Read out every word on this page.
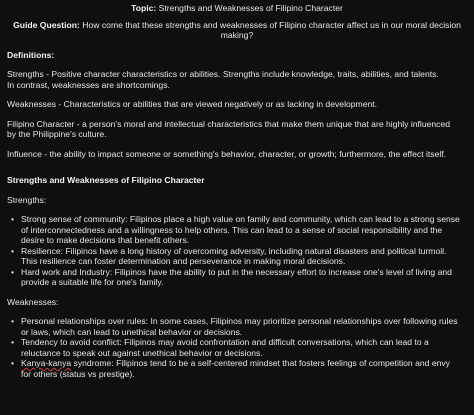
Topic: Strengths and Weaknesses of Filipino Character
Guide Question: How come that these strengths and weaknesses of Filipino character affect us in our moral decision
making?
Definitions:

Strengths - Positive character characteristics or abilities. Strengths include knowledge, traits, abilities, and talents.
In contrast, weaknesses are shortcomings.

Weaknesses - Characteristics or abilities that are viewed negatively or as lacking in development.

Filipino Character - a person's moral and intellectual characteristics that make them unique that are highly influenced
by the Philippine's culture.

Influence - the ability to impact someone or something's behavior, character, or growth; furthermore, the effect itself.

Strengths and Weaknesses of Filipino Character
Strengths:
• Strong sense of community: Filipinos place a high value on family and community, which can lead to a strong sense
of interconnectedness and a willingness to help others. This can lead to a sense of social responsibility and the
desire to make decisions that benefit others.
• Resilience: Filipinos have a long history of overcoming adversity, including natural disasters and political turmoil.
This resilience can foster determination and perseverance in making moral decisions.
• Hard work and Industry: Filipinos have the ability to put in the necessary effort to increase one's level of living and
provide a suitable life for one's family.
Weaknesses:
• Personal relationships over rules: In some cases, Filipinos may prioritize personal relationships over following rules
or laws, which can lead to unethical behavior or decisions.
• Tendency to avoid conflict: Filipinos may avoid confrontation and difficult conversations, which can lead to a
reluctance to speak out against unethical behavior or decisions.
• Kanya-kanya syndrome: Filipinos tend to be a self-centered mindset that fosters feelings of competition and envy
for others (status vs prestige).
